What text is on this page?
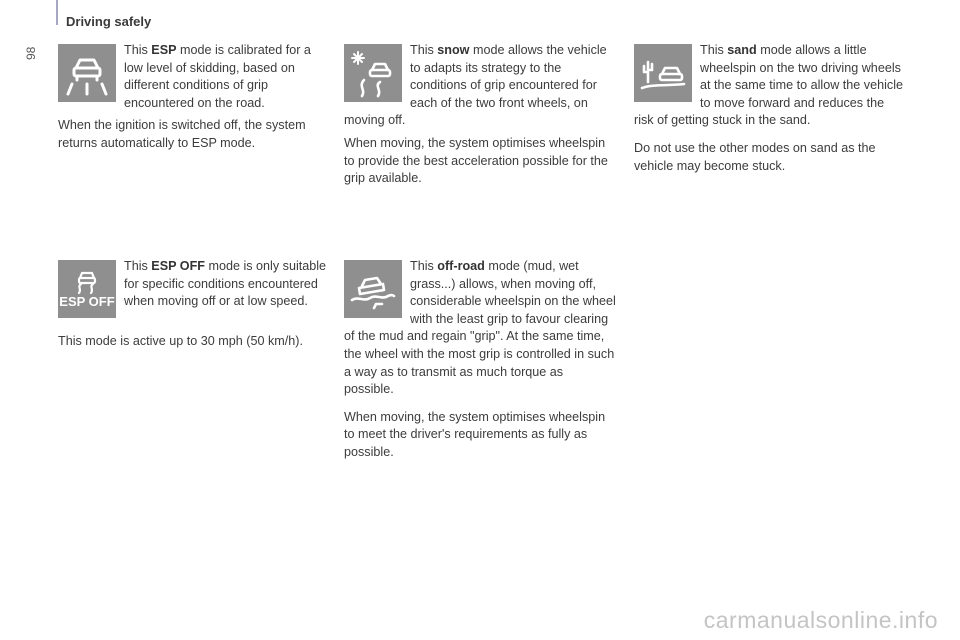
98
Driving safely

This ESP mode is calibrated for a low level of skidding, based on different conditions of grip encountered on the road.

When the ignition is switched off, the system returns automatically to ESP mode.

This snow mode allows the vehicle to adapts its strategy to the conditions of grip encountered for each of the two front wheels, on moving off.

When moving, the system optimises wheelspin to provide the best acceleration possible for the grip available.

This sand mode allows a little wheelspin on the two driving wheels at the same time to allow the vehicle to move forward and reduces the risk of getting stuck in the sand.

Do not use the other modes on sand as the vehicle may become stuck.

ESP OFF

This ESP OFF mode is only suitable for specific conditions encountered when moving off or at low speed.

This mode is active up to 30 mph (50 km/h).

This off-road mode (mud, wet grass...) allows, when moving off, considerable wheelspin on the wheel with the least grip to favour clearing of the mud and regain "grip". At the same time, the wheel with the most grip is controlled in such a way as to transmit as much torque as possible.

When moving, the system optimises wheelspin to meet the driver's requirements as fully as possible.

carmanualsonline.info
